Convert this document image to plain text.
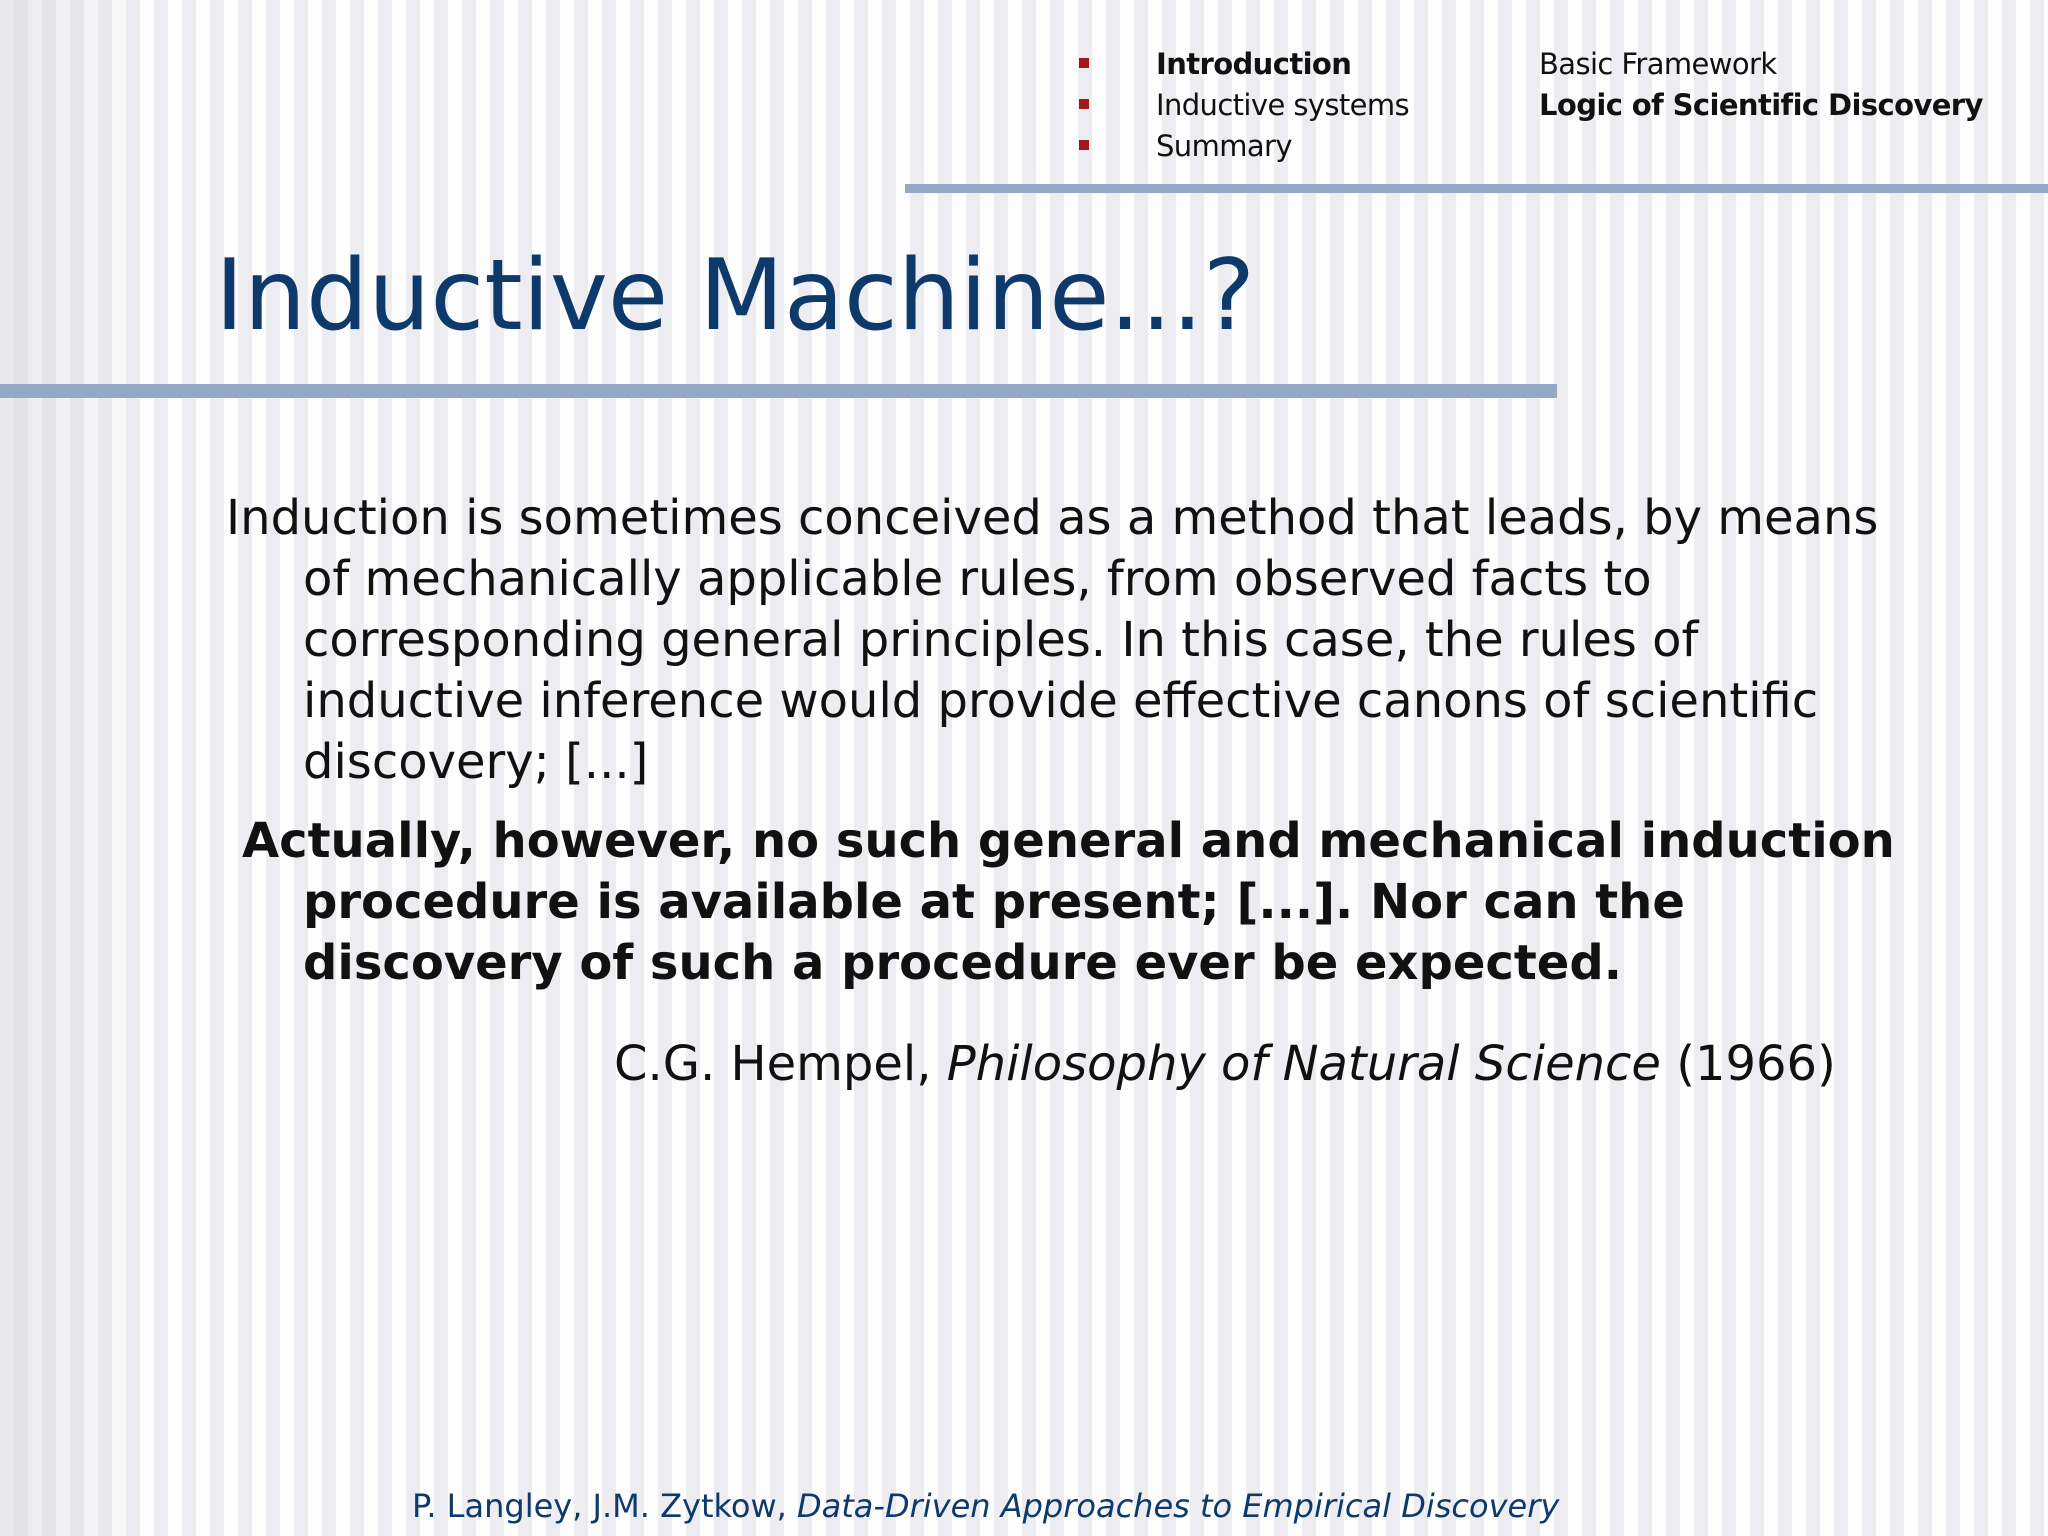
Introduction
Inductive systems
Summary
Basic Framework
Logic of Scientific Discovery
Inductive Machine...?

Induction is sometimes conceived as a method that leads, by means of mechanically applicable rules, from observed facts to corresponding general principles. In this case, the rules of inductive inference would provide effective canons of scientific discovery; [...]

Actually, however, no such general and mechanical induction procedure is available at present; [...]. Nor can the discovery of such a procedure ever be expected.

C.G. Hempel, Philosophy of Natural Science (1966)
P. Langley, J.M. Zytkow, Data-Driven Approaches to Empirical Discovery
